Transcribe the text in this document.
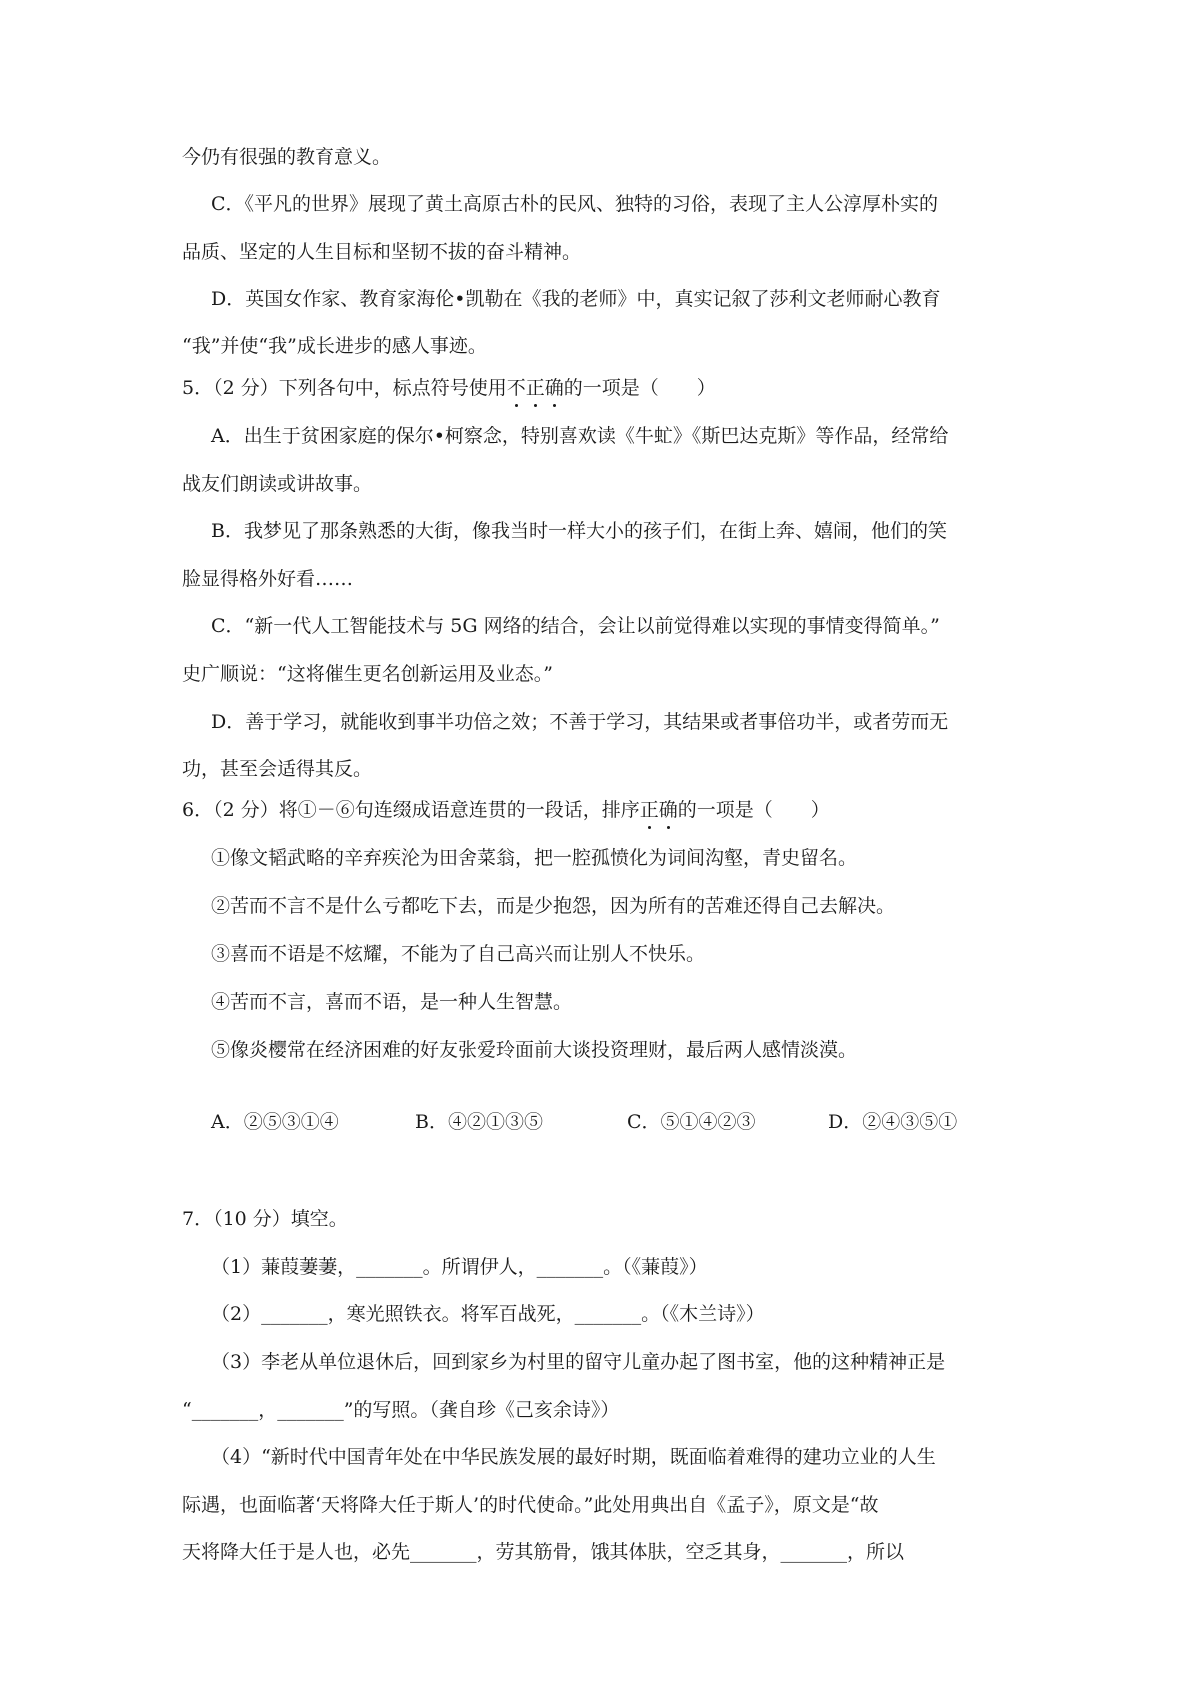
今仍有很强的教育意义。
C．《平凡的世界》展现了黄土高原古朴的民风、独特的习俗，表现了主人公淳厚朴实的
品质、坚定的人生目标和坚韧不拔的奋斗精神。
D．英国女作家、教育家海伦•凯勒在《我的老师》中，真实记叙了莎利文老师耐心教育
“我”并使“我”成长进步的感人事迹。
5．（2 分）下列各句中，标点符号使用不正确的一项是（　　）
A．出生于贫困家庭的保尔•柯察念，特别喜欢读《牛虻》《斯巴达克斯》等作品，经常给
战友们朗读或讲故事。
B．我梦见了那条熟悉的大街，像我当时一样大小的孩子们，在街上奔、嬉闹，他们的笑
脸显得格外好看……
C．“新一代人工智能技术与 5G 网络的结合，会让以前觉得难以实现的事情变得简单。”
史广顺说：“这将催生更名创新运用及业态。”
D．善于学习，就能收到事半功倍之效；不善于学习，其结果或者事倍功半，或者劳而无
功，甚至会适得其反。
6．（2 分）将①－⑥句连缀成语意连贯的一段话，排序正确的一项是（　　）
①像文韬武略的辛弃疾沦为田舍菜翁，把一腔孤愤化为词间沟壑，青史留名。
②苦而不言不是什么亏都吃下去，而是少抱怨，因为所有的苦难还得自己去解决。
③喜而不语是不炫耀，不能为了自己高兴而让别人不快乐。
④苦而不言，喜而不语，是一种人生智慧。
⑤像炎樱常在经济困难的好友张爱玲面前大谈投资理财，最后两人感情淡漠。
A．②⑤③①④	B．④②①③⑤	C．⑤①④②③	D．②④③⑤①
7．（10 分）填空。
（1）蒹葭萋萋，_______。所谓伊人，_______。（《蒹葭》）
（2）_______，寒光照铁衣。将军百战死，_______。（《木兰诗》）
（3）李老从单位退休后，回到家乡为村里的留守儿童办起了图书室，他的这种精神正是
“_______，_______”的写照。（龚自珍《己亥余诗》）
（4）“新时代中国青年处在中华民族发展的最好时期，既面临着难得的建功立业的人生
际遇，也面临著‘天将降大任于斯人’的时代使命。”此处用典出自《孟子》，原文是“故
天将降大任于是人也，必先_______，劳其筋骨，饿其体肤，空乏其身，_______，所以
